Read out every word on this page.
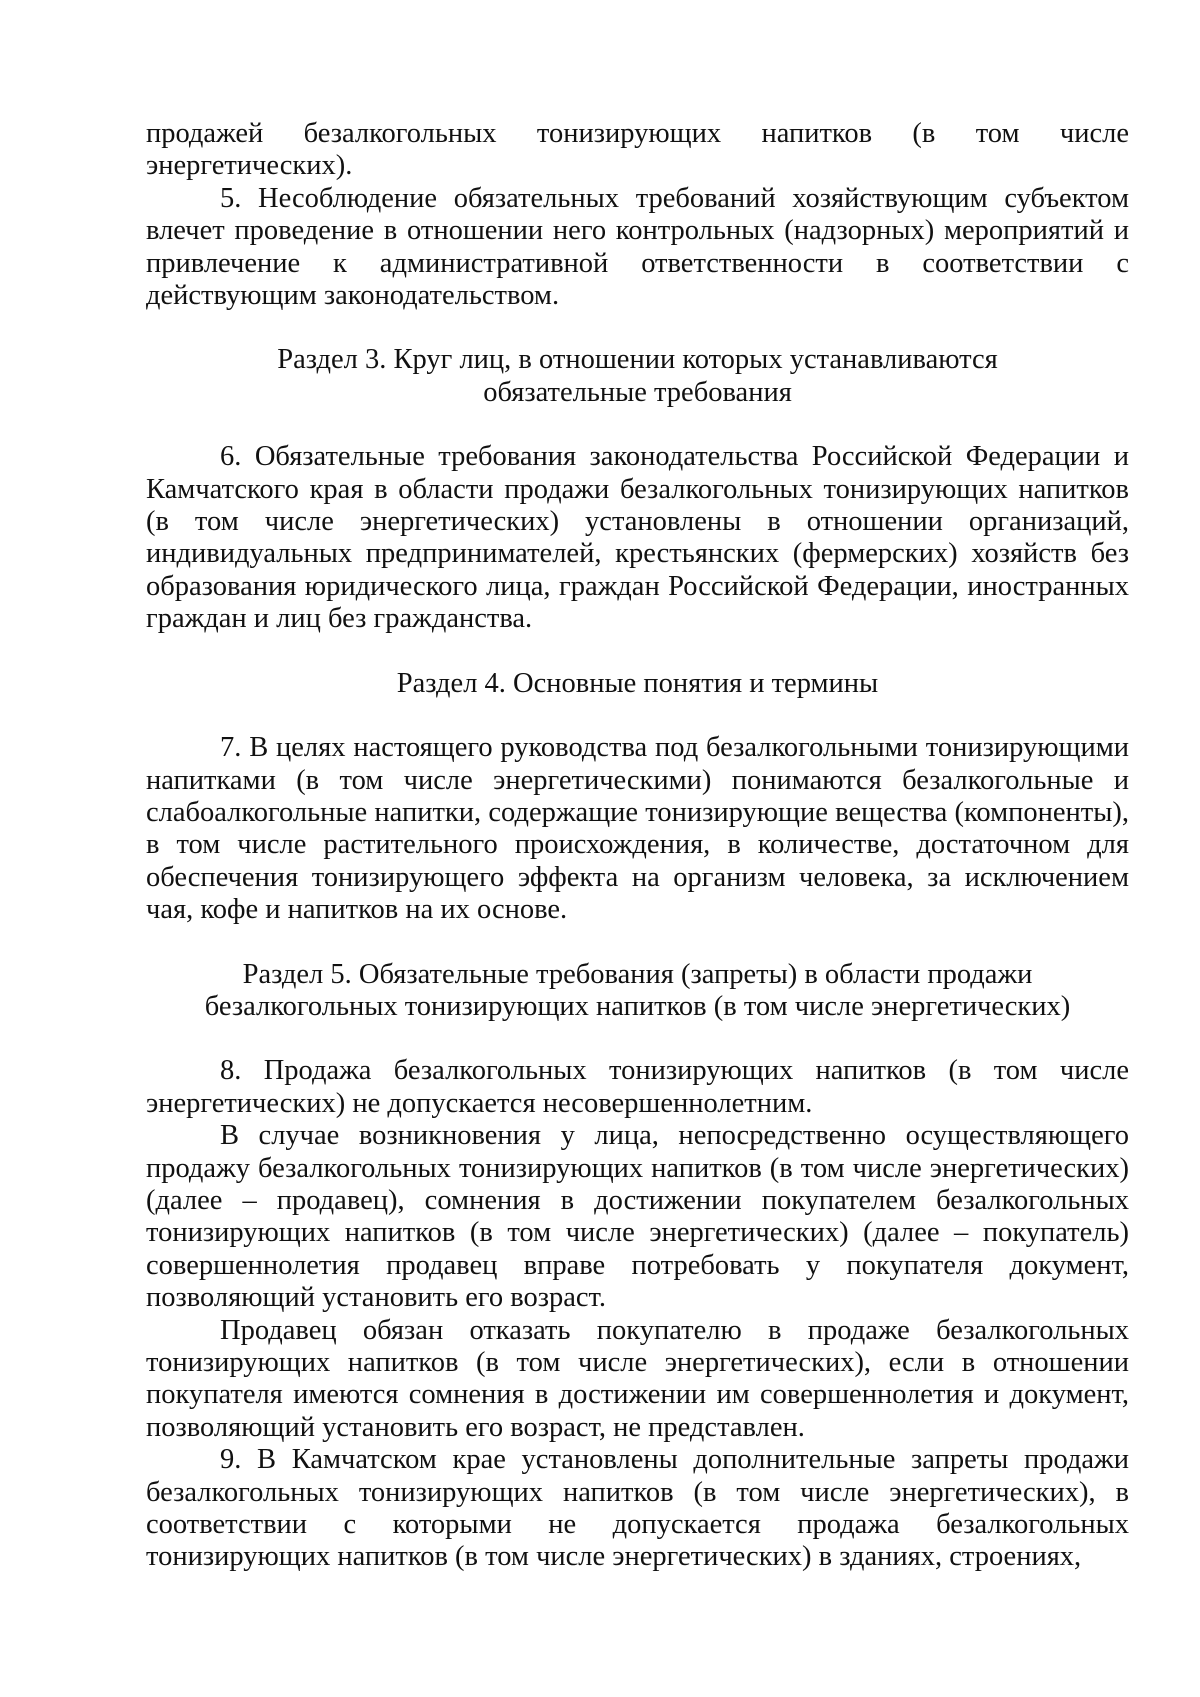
продажей безалкогольных тонизирующих напитков (в том числе энергетических).

5. Несоблюдение обязательных требований хозяйствующим субъектом влечет проведение в отношении него контрольных (надзорных) мероприятий и привлечение к административной ответственности в соответствии с действующим законодательством.

Раздел 3. Круг лиц, в отношении которых устанавливаются
обязательные требования

6. Обязательные требования законодательства Российской Федерации и Камчатского края в области продажи безалкогольных тонизирующих напитков (в том числе энергетических) установлены в отношении организаций, индивидуальных предпринимателей, крестьянских (фермерских) хозяйств без образования юридического лица, граждан Российской Федерации, иностранных граждан и лиц без гражданства.

Раздел 4. Основные понятия и термины

7. В целях настоящего руководства под безалкогольными тонизирующими напитками (в том числе энергетическими) понимаются безалкогольные и слабоалкогольные напитки, содержащие тонизирующие вещества (компоненты), в том числе растительного происхождения, в количестве, достаточном для обеспечения тонизирующего эффекта на организм человека, за исключением чая, кофе и напитков на их основе.

Раздел 5. Обязательные требования (запреты) в области продажи
безалкогольных тонизирующих напитков (в том числе энергетических)

8. Продажа безалкогольных тонизирующих напитков (в том числе энергетических) не допускается несовершеннолетним.

В случае возникновения у лица, непосредственно осуществляющего продажу безалкогольных тонизирующих напитков (в том числе энергетических) (далее – продавец), сомнения в достижении покупателем безалкогольных тонизирующих напитков (в том числе энергетических) (далее – покупатель) совершеннолетия продавец вправе потребовать у покупателя документ, позволяющий установить его возраст.

Продавец обязан отказать покупателю в продаже безалкогольных тонизирующих напитков (в том числе энергетических), если в отношении покупателя имеются сомнения в достижении им совершеннолетия и документ, позволяющий установить его возраст, не представлен.

9. В Камчатском крае установлены дополнительные запреты продажи безалкогольных тонизирующих напитков (в том числе энергетических), в соответствии с которыми не допускается продажа безалкогольных тонизирующих напитков (в том числе энергетических) в зданиях, строениях,
